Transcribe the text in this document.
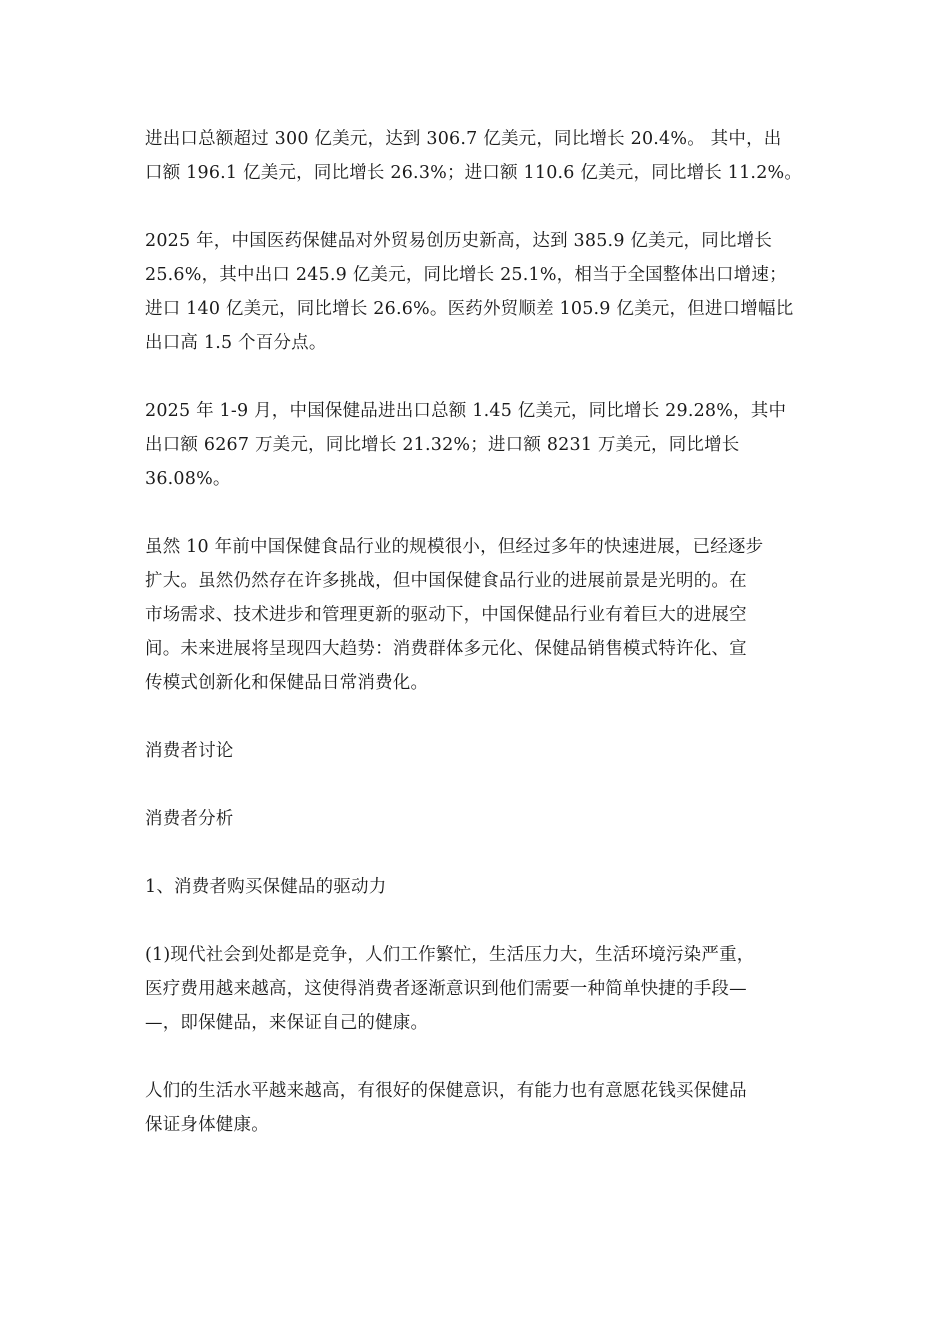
进出口总额超过 300 亿美元，达到 306.7 亿美元，同比增长 20.4%。 其中，出
口额 196.1 亿美元，同比增长 26.3%；进口额 110.6 亿美元，同比增长 11.2%。

2025 年，中国医药保健品对外贸易创历史新高，达到 385.9 亿美元，同比增长
25.6%，其中出口 245.9 亿美元，同比增长 25.1%，相当于全国整体出口增速；
进口 140 亿美元，同比增长 26.6%。医药外贸顺差 105.9 亿美元，但进口增幅比
出口高 1.5 个百分点。

2025 年 1-9 月，中国保健品进出口总额 1.45 亿美元，同比增长 29.28%，其中
出口额 6267 万美元，同比增长 21.32%；进口额 8231 万美元，同比增长
36.08%。

虽然 10 年前中国保健食品行业的规模很小，但经过多年的快速进展，已经逐步
扩大。虽然仍然存在许多挑战，但中国保健食品行业的进展前景是光明的。在
市场需求、技术进步和管理更新的驱动下，中国保健品行业有着巨大的进展空
间。未来进展将呈现四大趋势：消费群体多元化、保健品销售模式特许化、宣
传模式创新化和保健品日常消费化。

消费者讨论

消费者分析

1、消费者购买保健品的驱动力

(1)现代社会到处都是竞争，人们工作繁忙，生活压力大，生活环境污染严重，
医疗费用越来越高，这使得消费者逐渐意识到他们需要一种简单快捷的手段—
—，即保健品，来保证自己的健康。

人们的生活水平越来越高，有很好的保健意识，有能力也有意愿花钱买保健品
保证身体健康。
